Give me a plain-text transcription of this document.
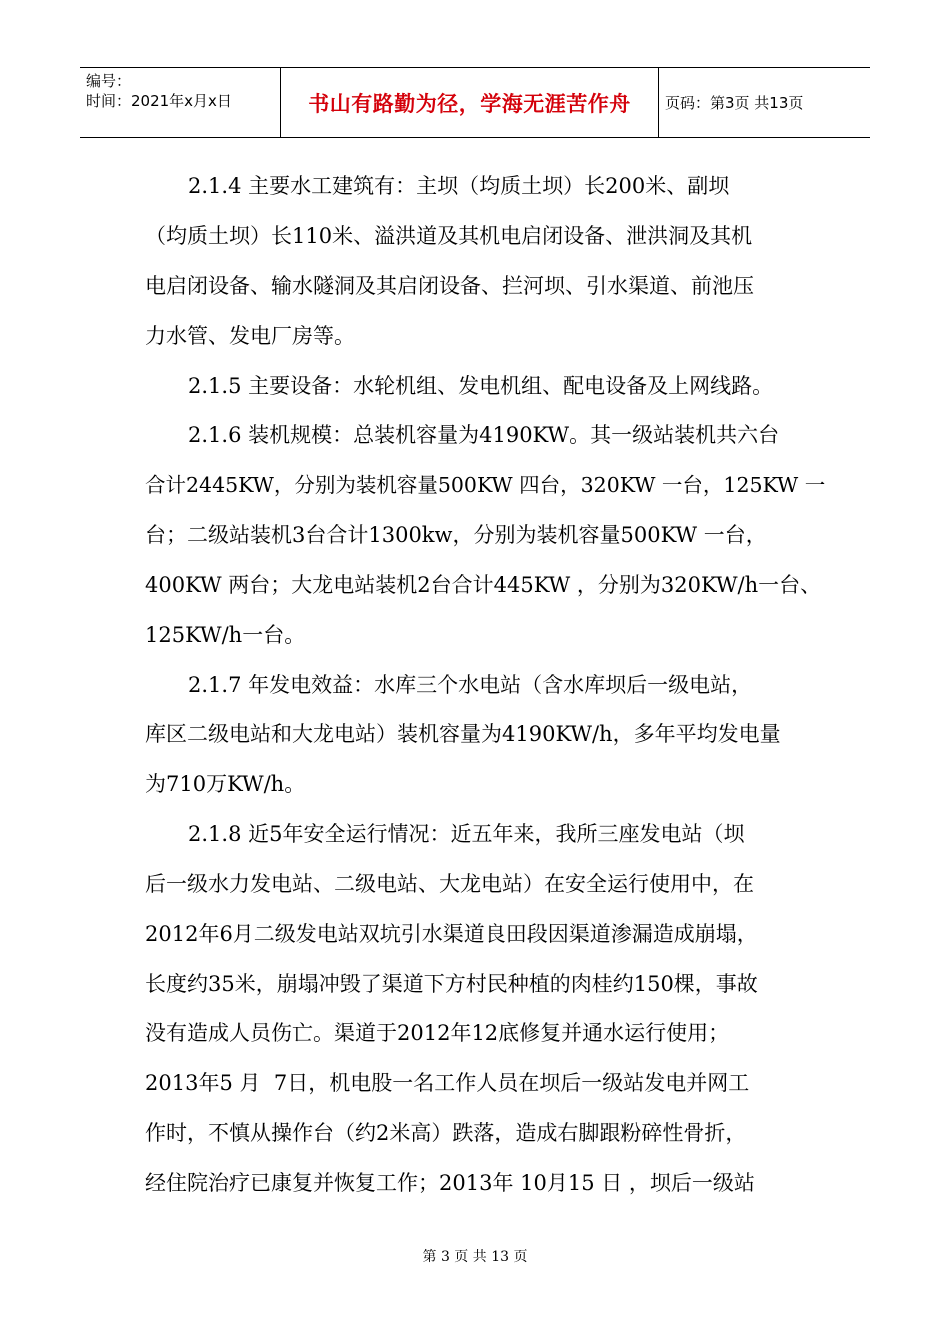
编号：
时间：2021年x月x日	书山有路勤为径，学海无涯苦作舟	页码：第3页 共13页
2.1.4 主要水工建筑有：主坝（均质土坝）长200米、副坝
（均质土坝）长110米、溢洪道及其机电启闭设备、泄洪洞及其机
电启闭设备、输水隧洞及其启闭设备、拦河坝、引水渠道、前池压
力水管、发电厂房等。
2.1.5 主要设备：水轮机组、发电机组、配电设备及上网线路。
2.1.6 装机规模：总装机容量为4190KW。其一级站装机共六台
合计2445KW，分别为装机容量500KW 四台，320KW 一台，125KW 一
台；二级站装机3台合计1300kw，分别为装机容量500KW 一台，
400KW 两台；大龙电站装机2台合计445KW ，分别为320KW/h一台、
125KW/h一台。
2.1.7 年发电效益：水库三个水电站（含水库坝后一级电站，
库区二级电站和大龙电站）装机容量为4190KW/h，多年平均发电量
为710万KW/h。
2.1.8 近5年安全运行情况：近五年来，我所三座发电站（坝
后一级水力发电站、二级电站、大龙电站）在安全运行使用中，在
2012年6月二级发电站双坑引水渠道良田段因渠道渗漏造成崩塌，
长度约35米，崩塌冲毁了渠道下方村民种植的肉桂约150棵，事故
没有造成人员伤亡。渠道于2012年12底修复并通水运行使用；
2013年5 月  7日，机电股一名工作人员在坝后一级站发电并网工
作时，不慎从操作台（约2米高）跌落，造成右脚跟粉碎性骨折，
经住院治疗已康复并恢复工作；2013年 10月15 日 ，坝后一级站
第 3 页 共 13 页
